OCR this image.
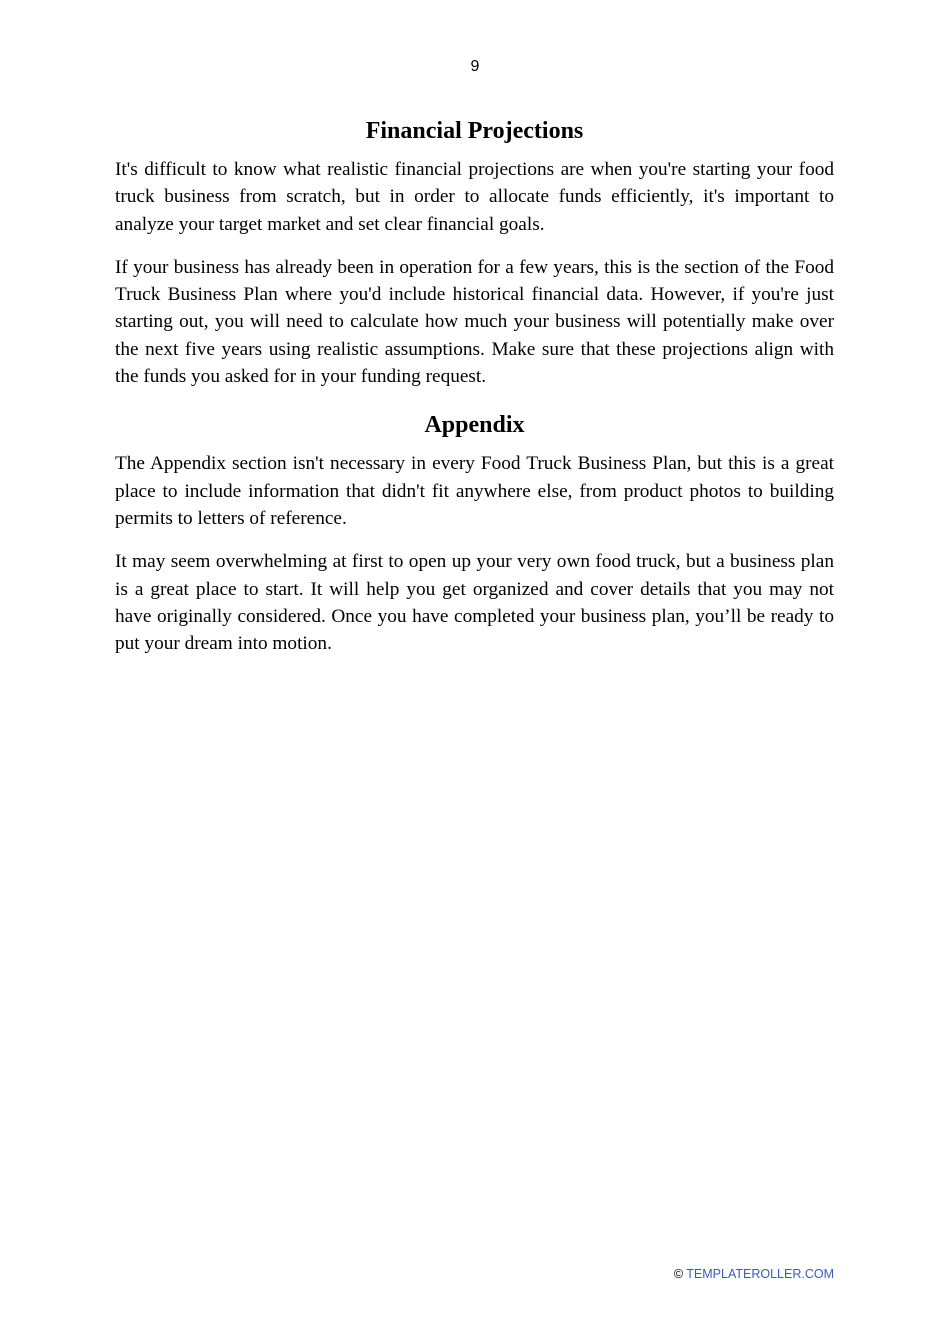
9
Financial Projections

It's difficult to know what realistic financial projections are when you're starting your food truck business from scratch, but in order to allocate funds efficiently, it's important to analyze your target market and set clear financial goals.

If your business has already been in operation for a few years, this is the section of the Food Truck Business Plan where you'd include historical financial data. However, if you're just starting out, you will need to calculate how much your business will potentially make over the next five years using realistic assumptions. Make sure that these projections align with the funds you asked for in your funding request.

Appendix

The Appendix section isn't necessary in every Food Truck Business Plan, but this is a great place to include information that didn't fit anywhere else, from product photos to building permits to letters of reference.

It may seem overwhelming at first to open up your very own food truck, but a business plan is a great place to start. It will help you get organized and cover details that you may not have originally considered. Once you have completed your business plan, you’ll be ready to put your dream into motion.

© TEMPLATEROLLER.COM
